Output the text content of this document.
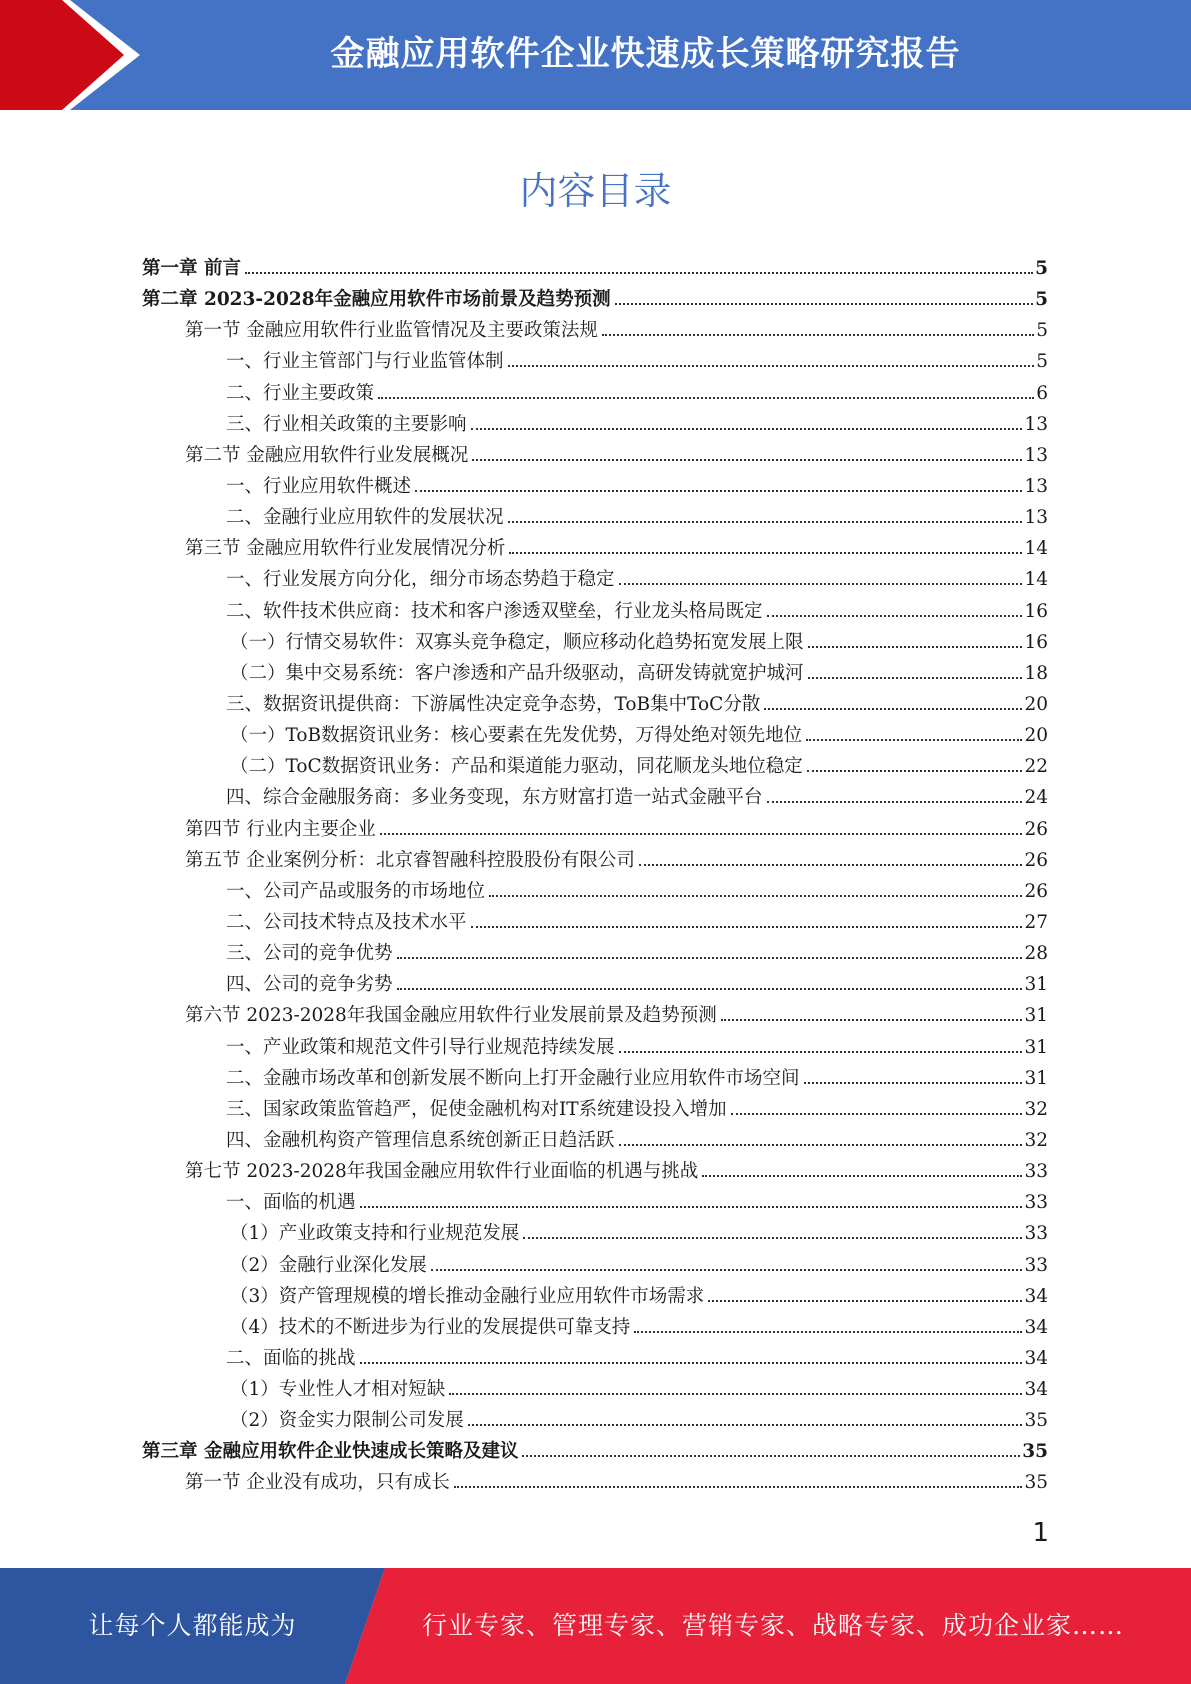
金融应用软件企业快速成长策略研究报告
内容目录
第一章 前言	5
第二章 2023-2028年金融应用软件市场前景及趋势预测	5
第一节 金融应用软件行业监管情况及主要政策法规	5
一、行业主管部门与行业监管体制	5
二、行业主要政策	6
三、行业相关政策的主要影响	13
第二节 金融应用软件行业发展概况	13
一、行业应用软件概述	13
二、金融行业应用软件的发展状况	13
第三节 金融应用软件行业发展情况分析	14
一、行业发展方向分化，细分市场态势趋于稳定	14
二、软件技术供应商：技术和客户渗透双壁垒，行业龙头格局既定	16
（一）行情交易软件：双寡头竞争稳定，顺应移动化趋势拓宽发展上限	16
（二）集中交易系统：客户渗透和产品升级驱动，高研发铸就宽护城河	18
三、数据资讯提供商：下游属性决定竞争态势，ToB集中ToC分散	20
（一）ToB数据资讯业务：核心要素在先发优势，万得处绝对领先地位	20
（二）ToC数据资讯业务：产品和渠道能力驱动，同花顺龙头地位稳定	22
四、综合金融服务商：多业务变现，东方财富打造一站式金融平台	24
第四节 行业内主要企业	26
第五节 企业案例分析：北京睿智融科控股股份有限公司	26
一、公司产品或服务的市场地位	26
二、公司技术特点及技术水平	27
三、公司的竞争优势	28
四、公司的竞争劣势	31
第六节 2023-2028年我国金融应用软件行业发展前景及趋势预测	31
一、产业政策和规范文件引导行业规范持续发展	31
二、金融市场改革和创新发展不断向上打开金融行业应用软件市场空间	31
三、国家政策监管趋严，促使金融机构对IT系统建设投入增加	32
四、金融机构资产管理信息系统创新正日趋活跃	32
第七节 2023-2028年我国金融应用软件行业面临的机遇与挑战	33
一、面临的机遇	33
（1）产业政策支持和行业规范发展	33
（2）金融行业深化发展	33
（3）资产管理规模的增长推动金融行业应用软件市场需求	34
（4）技术的不断进步为行业的发展提供可靠支持	34
二、面临的挑战	34
（1）专业性人才相对短缺	34
（2）资金实力限制公司发展	35
第三章 金融应用软件企业快速成长策略及建议	35
第一节 企业没有成功，只有成长	35
1
让每个人都能成为	行业专家、管理专家、营销专家、战略专家、成功企业家……
